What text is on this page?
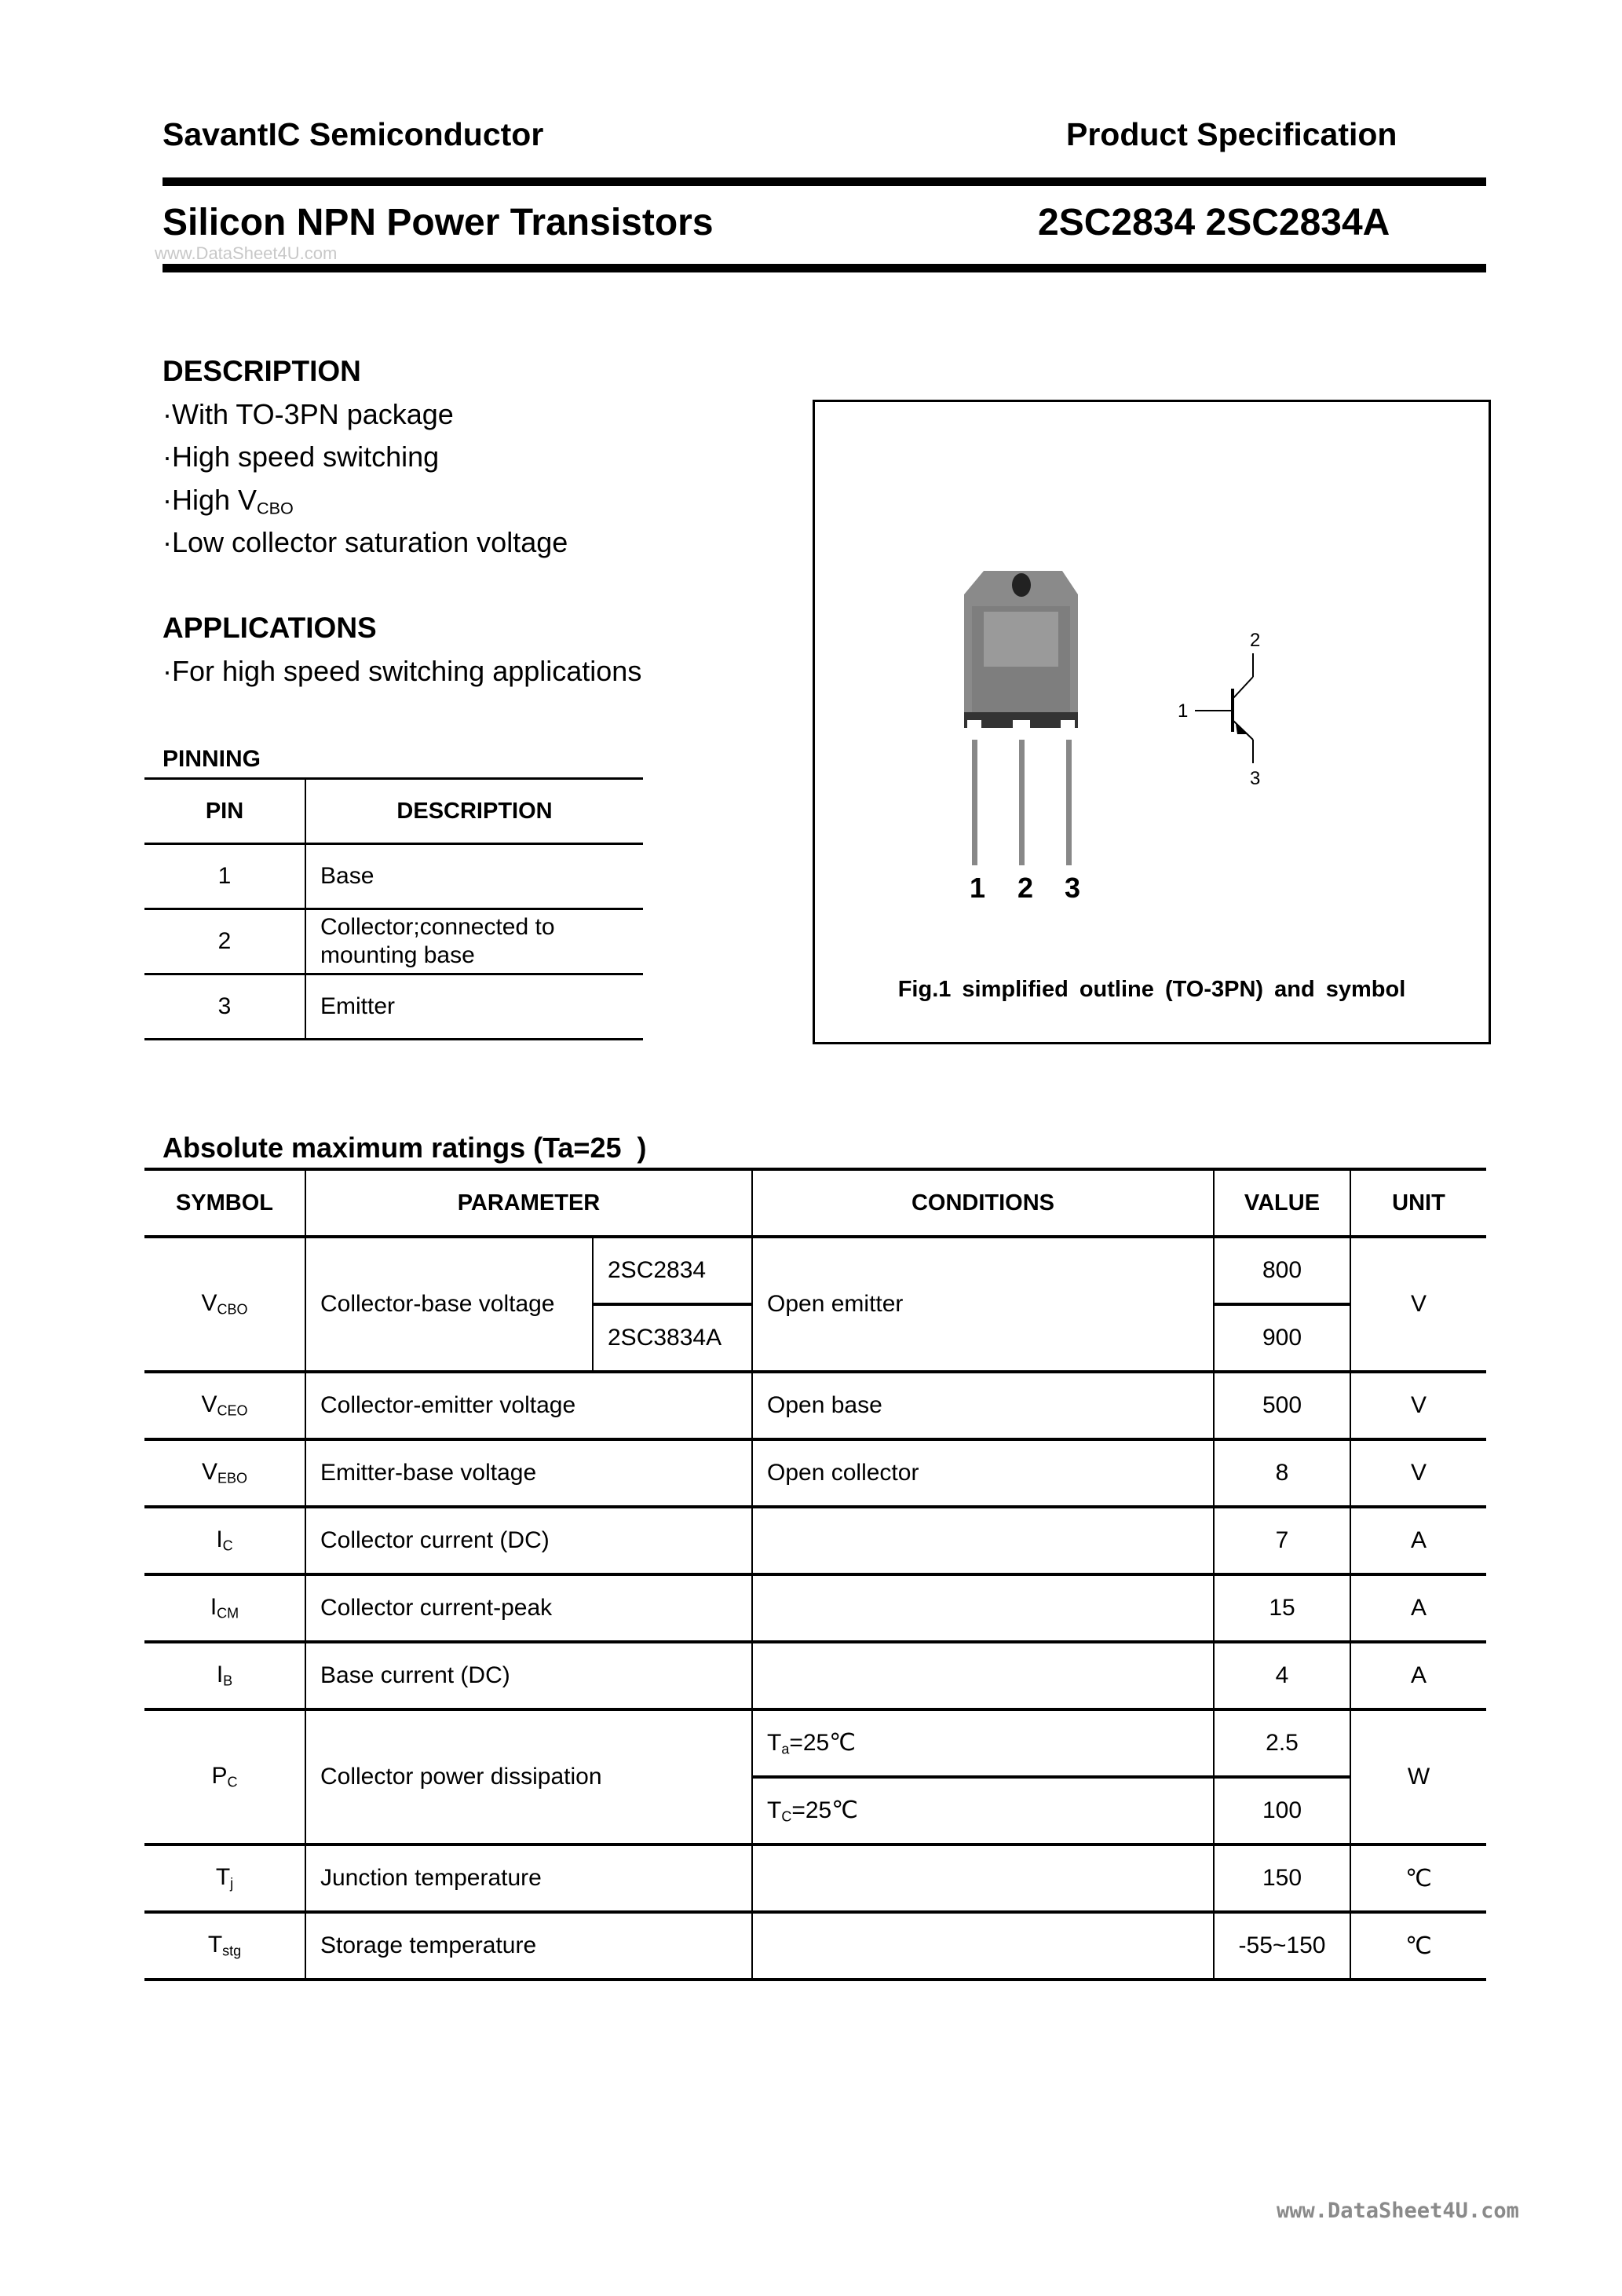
SavantIC Semiconductor	Product Specification
Silicon NPN Power Transistors	2SC2834 2SC2834A
www.DataSheet4U.com
DESCRIPTION
·With TO-3PN package
·High speed switching
·High $V_{CBO}$
·Low collector saturation voltage
APPLICATIONS
·For high speed switching applications
PINNING
PIN	DESCRIPTION
1	Base
2	Collector;connected to mounting base
3	Emitter
1 2 3
1
2
3
Fig.1 simplified outline (TO-3PN) and symbol
Absolute maximum ratings (Ta=25  )
SYMBOL	PARAMETER		CONDITIONS	VALUE	UNIT
$V_{CBO}$	Collector-base voltage	2SC2834	Open emitter	800	V
		2SC3834A		900	
$V_{CEO}$	Collector-emitter voltage		Open base	500	V
$V_{EBO}$	Emitter-base voltage		Open collector	8	V
$I_C$	Collector current (DC)			7	A
$I_{CM}$	Collector current-peak			15	A
$I_B$	Base current (DC)			4	A
$P_C$	Collector power dissipation		$T_a=25℃$	2.5	W
			$T_C=25℃$	100	
$T_j$	Junction temperature			150	℃
$T_{stg}$	Storage temperature			-55~150	℃
www.DataSheet4U.com
